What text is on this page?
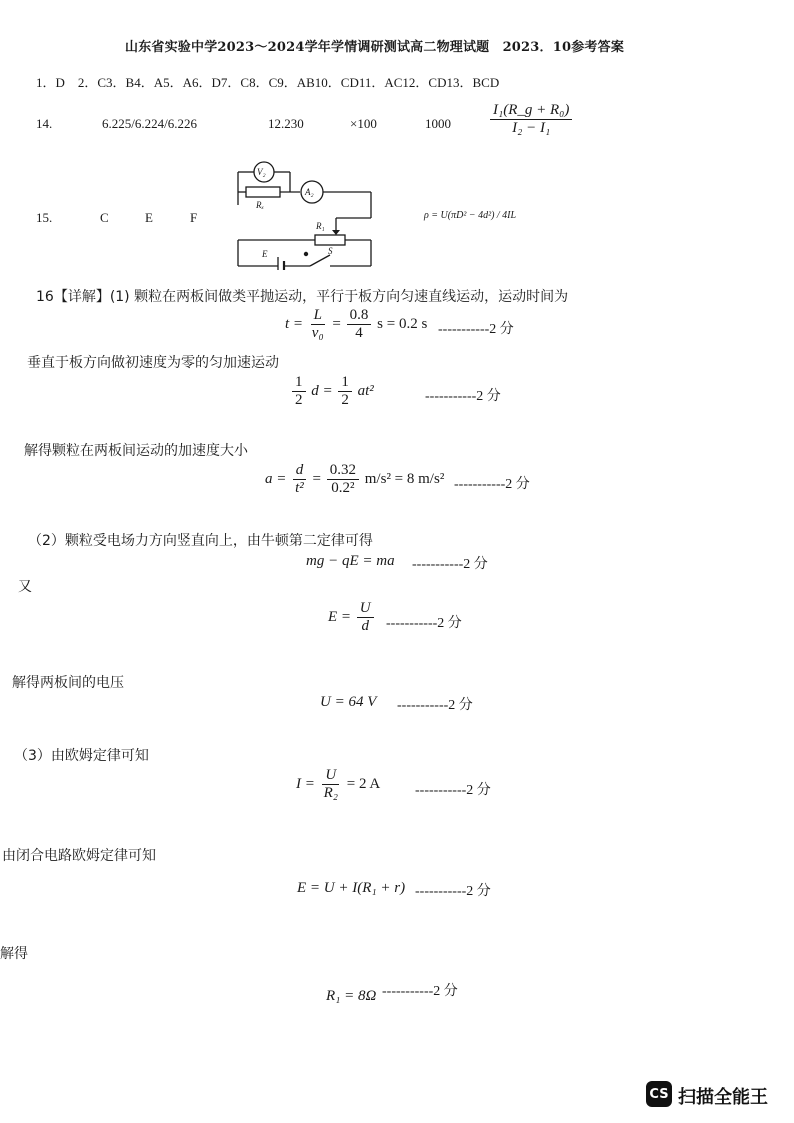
山东省实验中学2023～2024学年学情调研测试高二物理试题　2023．10参考答案
1．D　2．C3．B4．A5．A6．D7．C8．C9．AB10．CD11．AC12．CD13．BCD
14.	6.225/6.224/6.226	12.230	×100	1000	$\frac{\text{I₁(R\_g + R₀)}}{\text{I₂ − I₁}}$
15.	C	E	F
V₂
Rₓ
A₂
R₁
E	S
ρ = U(πD² − 4d²) / 4IL
16【详解】(1) 颗粒在两板间做类平抛运动，平行于板方向匀速直线运动，运动时间为
$t = \frac{L}{\text{v₀}} = \frac{0.8}{4}$ s = 0.2 s -----------2 分
垂直于板方向做初速度为零的匀加速运动
$\frac{1}{2}$ $d = \frac{1}{2} at^2$	-----------2 分
解得颗粒在两板间运动的加速度大小
$a = \frac{d}{\text{t²}} = \frac{0.32}{\text{0.2²}} m/s^2 = 8$ m/s² -----------2 分
（2）颗粒受电场力方向竖直向上，由牛顿第二定律可得
mg − qE = ma -----------2 分
又
$E = \frac{U}{d} -----------2$ 分
解得两板间的电压
U = 64 V -----------2 分
（3）由欧姆定律可知
$I = \frac{U}{\text{R₂}} = 2$ A -----------2 分
由闭合电路欧姆定律可知
E = U + I(R₁ + r) -----------2 分
解得
R₁ = 8Ω -----------2 分
CS 扫描全能王
